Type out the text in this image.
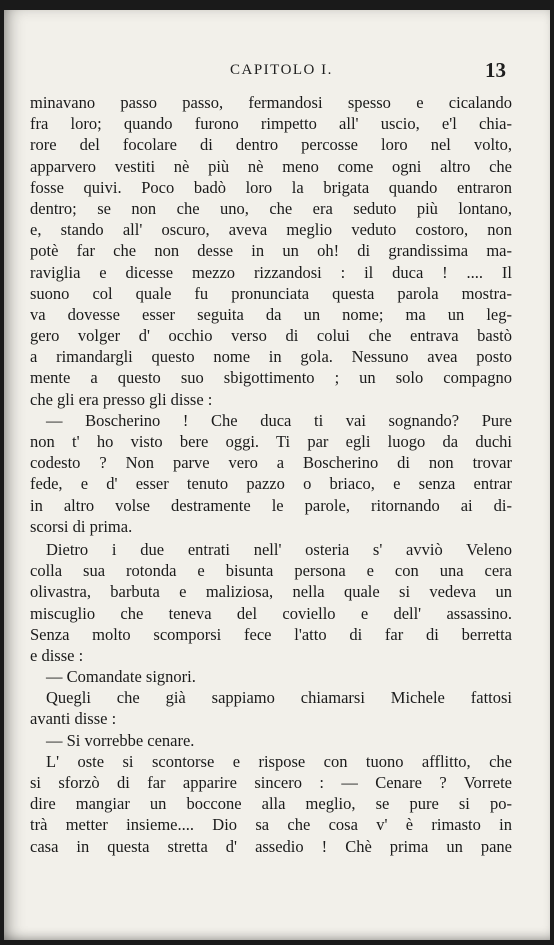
CAPITOLO I.	13
minavano passo passo, fermandosi spesso e cicalando
fra loro; quando furono rimpetto all' uscio, e'l chia-
rore del focolare di dentro percosse loro nel volto,
apparvero vestiti nè più nè meno come ogni altro che
fosse quivi. Poco badò loro la brigata quando entraron
dentro; se non che uno, che era seduto più lontano,
e, stando all' oscuro, aveva meglio veduto costoro, non
potè far che non desse in un oh! di grandissima ma-
raviglia e dicesse mezzo rizzandosi : il duca ! .... Il
suono col quale fu pronunciata questa parola mostra-
va dovesse esser seguita da un nome; ma un leg-
gero volger d' occhio verso di colui che entrava bastò
a rimandargli questo nome in gola. Nessuno avea posto
mente a questo suo sbigottimento ; un solo compagno
che gli era presso gli disse :
— Boscherino ! Che duca ti vai sognando? Pure
non t' ho visto bere oggi. Ti par egli luogo da duchi
codesto ? Non parve vero a Boscherino di non trovar
fede, e d' esser tenuto pazzo o briaco, e senza entrar
in altro volse destramente le parole, ritornando ai di-
scorsi di prima.
Dietro i due entrati nell' osteria s' avviò Veleno
colla sua rotonda e bisunta persona e con una cera
olivastra, barbuta e maliziosa, nella quale si vedeva un
miscuglio che teneva del coviello e dell' assassino.
Senza molto scomporsi fece l'atto di far di berretta
e disse :
— Comandate signori.
Quegli che già sappiamo chiamarsi Michele fattosi
avanti disse :
— Si vorrebbe cenare.
L' oste si scontorse e rispose con tuono afflitto, che
si sforzò di far apparire sincero : — Cenare ? Vorrete
dire mangiar un boccone alla meglio, se pure si po-
trà metter insieme.... Dio sa che cosa v' è rimasto in
casa in questa stretta d' assedio ! Chè prima un pane
